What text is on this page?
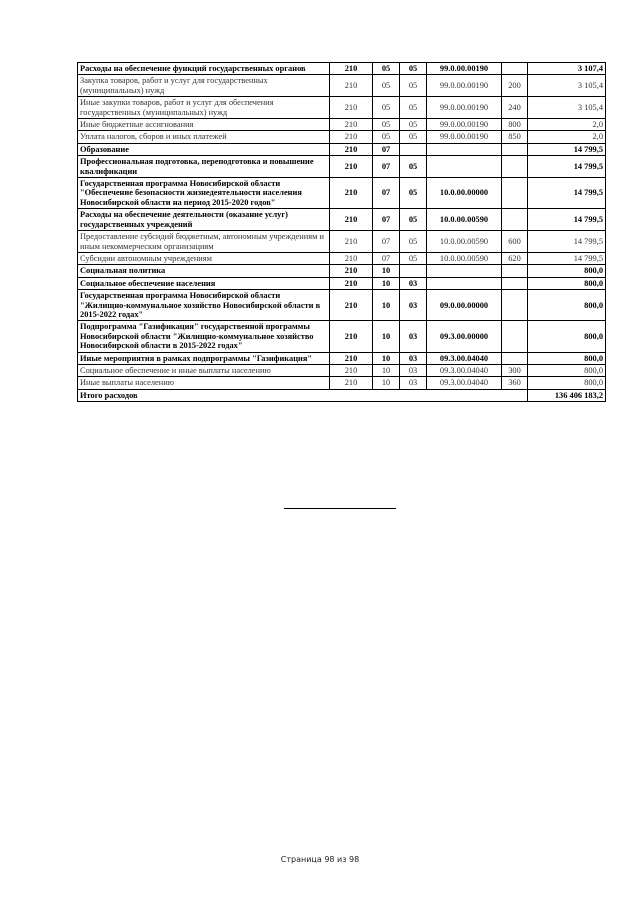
Расходы на обеспечение функций государственных органов	210	05	05	99.0.00.00190		3 107,4
Закупка товаров, работ и услуг для государственных (муниципальных) нужд	210	05	05	99.0.00.00190	200	3 105,4
Иные закупки товаров, работ и услуг для обеспечения государственных (муниципальных) нужд	210	05	05	99.0.00.00190	240	3 105,4
Иные бюджетные ассигнования	210	05	05	99.0.00.00190	800	2,0
Уплата налогов, сборов и иных платежей	210	05	05	99.0.00.00190	850	2,0
Образование	210	07				14 799,5
Профессиональная подготовка, переподготовка и повышение квалификации	210	07	05			14 799,5
Государственная программа Новосибирской области "Обеспечение безопасности жизнедеятельности населения Новосибирской области на период 2015-2020 годов"	210	07	05	10.0.00.00000		14 799,5
Расходы на обеспечение деятельности (оказание услуг) государственных учреждений	210	07	05	10.0.00.00590		14 799,5
Предоставление субсидий бюджетным, автономным учреждениям и иным некоммерческим организациям	210	07	05	10.0.00.00590	600	14 799,5
Субсидии автономным учреждениям	210	07	05	10.0.00.00590	620	14 799,5
Социальная политика	210	10				800,0
Социальное обеспечение населения	210	10	03			800,0
Государственная программа Новосибирской области "Жилищно-коммунальное хозяйство Новосибирской области в 2015-2022 годах"	210	10	03	09.0.00.00000		800,0
Подпрограмма "Газификация" государственной программы Новосибирской области "Жилищно-коммунальное хозяйство Новосибирской области в 2015-2022 годах"	210	10	03	09.3.00.00000		800,0
Иные мероприятия в рамках подпрограммы "Газификация"	210	10	03	09.3.00.04040		800,0
Социальное обеспечение и иные выплаты населению	210	10	03	09.3.00.04040	300	800,0
Иные выплаты населению	210	10	03	09.3.00.04040	360	800,0
Итого расходов						136 406 183,2
Страница 98 из 98
